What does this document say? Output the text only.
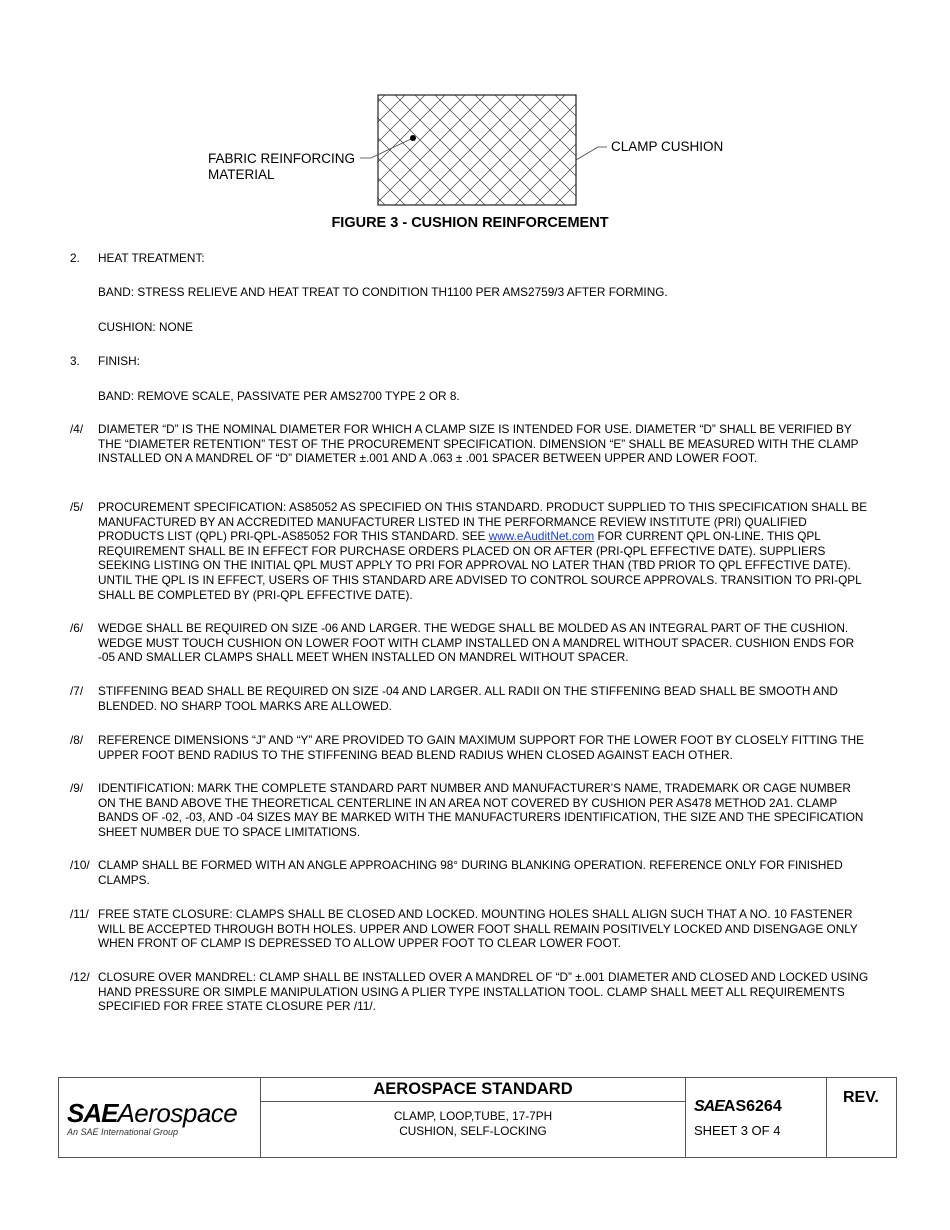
FABRIC REINFORCING
MATERIAL
CLAMP CUSHION
FIGURE 3 - CUSHION REINFORCEMENT
2.	HEAT TREATMENT:
BAND: STRESS RELIEVE AND HEAT TREAT TO CONDITION TH1100 PER AMS2759/3 AFTER FORMING.
CUSHION: NONE
3.	FINISH:
BAND: REMOVE SCALE, PASSIVATE PER AMS2700 TYPE 2 OR 8.
/4/	DIAMETER “D” IS THE NOMINAL DIAMETER FOR WHICH A CLAMP SIZE IS INTENDED FOR USE. DIAMETER “D” SHALL BE VERIFIED BY THE “DIAMETER RETENTION” TEST OF THE PROCUREMENT SPECIFICATION. DIMENSION “E” SHALL BE MEASURED WITH THE CLAMP INSTALLED ON A MANDREL OF “D” DIAMETER ±.001 AND A .063 ± .001 SPACER BETWEEN UPPER AND LOWER FOOT.
/5/	PROCUREMENT SPECIFICATION: AS85052 AS SPECIFIED ON THIS STANDARD. PRODUCT SUPPLIED TO THIS SPECIFICATION SHALL BE MANUFACTURED BY AN ACCREDITED MANUFACTURER LISTED IN THE PERFORMANCE REVIEW INSTITUTE (PRI) QUALIFIED PRODUCTS LIST (QPL) PRI-QPL-AS85052 FOR THIS STANDARD. SEE www.eAuditNet.com FOR CURRENT QPL ON-LINE. THIS QPL REQUIREMENT SHALL BE IN EFFECT FOR PURCHASE ORDERS PLACED ON OR AFTER (PRI-QPL EFFECTIVE DATE). SUPPLIERS SEEKING LISTING ON THE INITIAL QPL MUST APPLY TO PRI FOR APPROVAL NO LATER THAN (TBD PRIOR TO QPL EFFECTIVE DATE). UNTIL THE QPL IS IN EFFECT, USERS OF THIS STANDARD ARE ADVISED TO CONTROL SOURCE APPROVALS. TRANSITION TO PRI-QPL SHALL BE COMPLETED BY (PRI-QPL EFFECTIVE DATE).
/6/	WEDGE SHALL BE REQUIRED ON SIZE -06 AND LARGER. THE WEDGE SHALL BE MOLDED AS AN INTEGRAL PART OF THE CUSHION. WEDGE MUST TOUCH CUSHION ON LOWER FOOT WITH CLAMP INSTALLED ON A MANDREL WITHOUT SPACER. CUSHION ENDS FOR -05 AND SMALLER CLAMPS SHALL MEET WHEN INSTALLED ON MANDREL WITHOUT SPACER.
/7/	STIFFENING BEAD SHALL BE REQUIRED ON SIZE -04 AND LARGER. ALL RADII ON THE STIFFENING BEAD SHALL BE SMOOTH AND BLENDED. NO SHARP TOOL MARKS ARE ALLOWED.
/8/	REFERENCE DIMENSIONS “J” AND “Y” ARE PROVIDED TO GAIN MAXIMUM SUPPORT FOR THE LOWER FOOT BY CLOSELY FITTING THE UPPER FOOT BEND RADIUS TO THE STIFFENING BEAD BLEND RADIUS WHEN CLOSED AGAINST EACH OTHER.
/9/	IDENTIFICATION: MARK THE COMPLETE STANDARD PART NUMBER AND MANUFACTURER’S NAME, TRADEMARK OR CAGE NUMBER ON THE BAND ABOVE THE THEORETICAL CENTERLINE IN AN AREA NOT COVERED BY CUSHION PER AS478 METHOD 2A1. CLAMP BANDS OF -02, -03, AND -04 SIZES MAY BE MARKED WITH THE MANUFACTURERS IDENTIFICATION, THE SIZE AND THE SPECIFICATION SHEET NUMBER DUE TO SPACE LIMITATIONS.
/10/ CLAMP SHALL BE FORMED WITH AN ANGLE APPROACHING 98° DURING BLANKING OPERATION. REFERENCE ONLY FOR FINISHED CLAMPS.
/11/ FREE STATE CLOSURE: CLAMPS SHALL BE CLOSED AND LOCKED. MOUNTING HOLES SHALL ALIGN SUCH THAT A NO. 10 FASTENER WILL BE ACCEPTED THROUGH BOTH HOLES. UPPER AND LOWER FOOT SHALL REMAIN POSITIVELY LOCKED AND DISENGAGE ONLY WHEN FRONT OF CLAMP IS DEPRESSED TO ALLOW UPPER FOOT TO CLEAR LOWER FOOT.
/12/ CLOSURE OVER MANDREL: CLAMP SHALL BE INSTALLED OVER A MANDREL OF “D” ±.001 DIAMETER AND CLOSED AND LOCKED USING HAND PRESSURE OR SIMPLE MANIPULATION USING A PLIER TYPE INSTALLATION TOOL. CLAMP SHALL MEET ALL REQUIREMENTS SPECIFIED FOR FREE STATE CLOSURE PER /11/.
SAEAerospace
An SAE International Group
AEROSPACE STANDARD
CLAMP, LOOP,TUBE, 17-7PH
CUSHION, SELF-LOCKING
SAEAS6264
SHEET 3 OF 4
REV.
